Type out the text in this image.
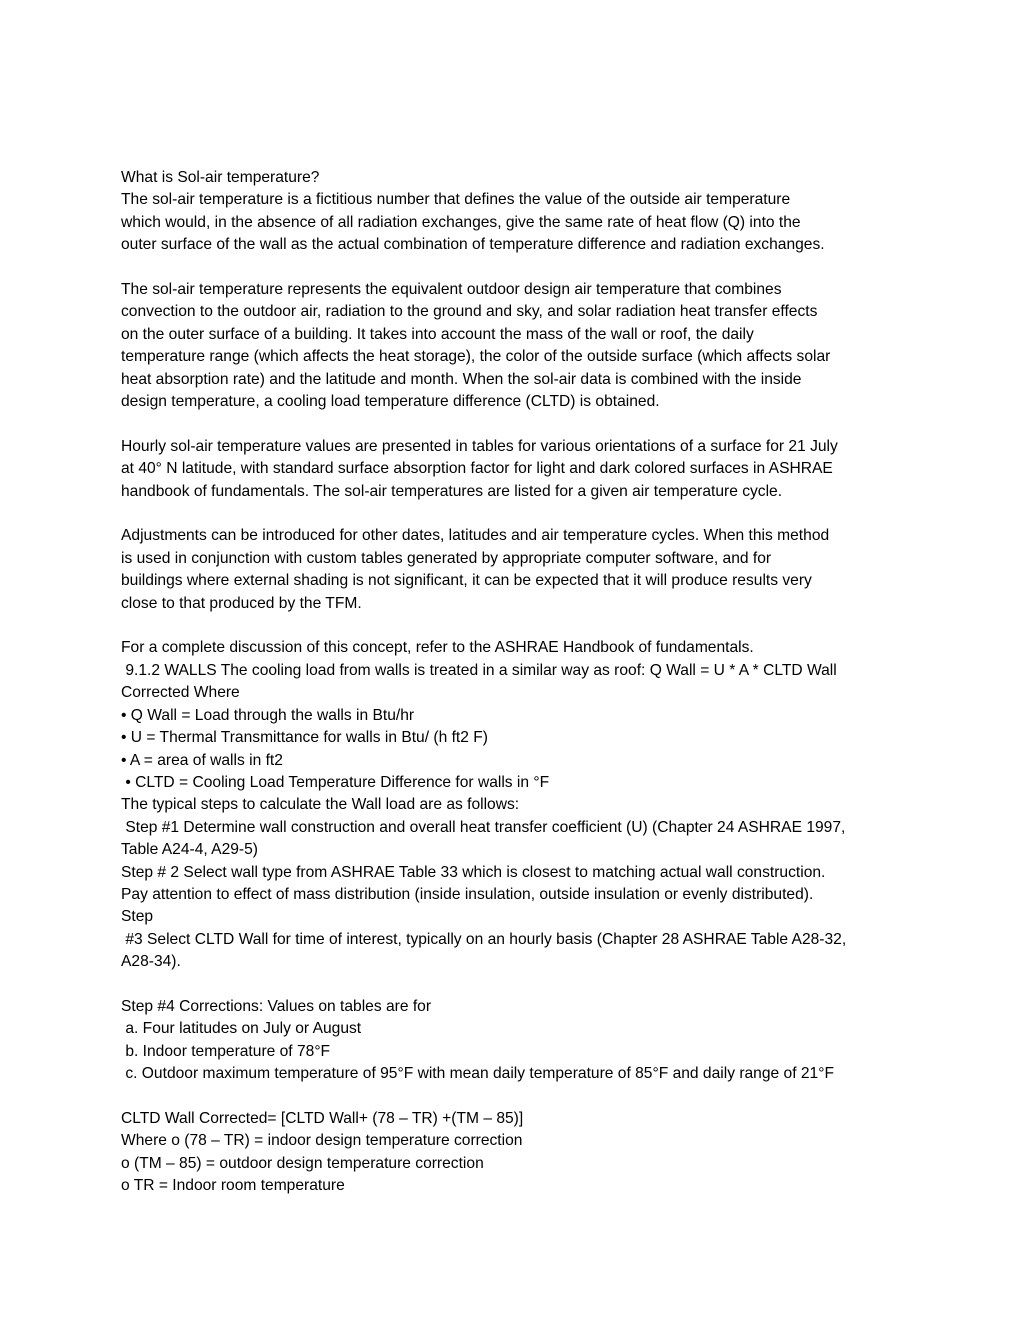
What is Sol-air temperature?

The sol-air temperature is a fictitious number that defines the value of the outside air temperature

which would, in the absence of all radiation exchanges, give the same rate of heat flow (Q) into the

outer surface of the wall as the actual combination of temperature difference and radiation exchanges.

The sol-air temperature represents the equivalent outdoor design air temperature that combines

convection to the outdoor air, radiation to the ground and sky, and solar radiation heat transfer effects

on the outer surface of a building. It takes into account the mass of the wall or roof, the daily

temperature range (which affects the heat storage), the color of the outside surface (which affects solar

heat absorption rate) and the latitude and month. When the sol-air data is combined with the inside

design temperature, a cooling load temperature difference (CLTD) is obtained.

Hourly sol-air temperature values are presented in tables for various orientations of a surface for 21 July

at 40° N latitude, with standard surface absorption factor for light and dark colored surfaces in ASHRAE

handbook of fundamentals. The sol-air temperatures are listed for a given air temperature cycle.

Adjustments can be introduced for other dates, latitudes and air temperature cycles. When this method

is used in conjunction with custom tables generated by appropriate computer software, and for

buildings where external shading is not significant, it can be expected that it will produce results very

close to that produced by the TFM.

For a complete discussion of this concept, refer to the ASHRAE Handbook of fundamentals.

9.1.2 WALLS The cooling load from walls is treated in a similar way as roof: Q Wall = U * A * CLTD Wall

Corrected Where

• Q Wall = Load through the walls in Btu/hr

• U = Thermal Transmittance for walls in Btu/ (h ft2 F)

• A = area of walls in ft2

• CLTD = Cooling Load Temperature Difference for walls in °F

The typical steps to calculate the Wall load are as follows:

Step #1 Determine wall construction and overall heat transfer coefficient (U) (Chapter 24 ASHRAE 1997,

Table A24-4, A29-5)

Step # 2 Select wall type from ASHRAE Table 33 which is closest to matching actual wall construction.

Pay attention to effect of mass distribution (inside insulation, outside insulation or evenly distributed).

Step

#3 Select CLTD Wall for time of interest, typically on an hourly basis (Chapter 28 ASHRAE Table A28-32,

A28-34).

Step #4 Corrections: Values on tables are for

a. Four latitudes on July or August

b. Indoor temperature of 78°F

c. Outdoor maximum temperature of 95°F with mean daily temperature of 85°F and daily range of 21°F

CLTD Wall Corrected= [CLTD Wall+ (78 – TR) +(TM – 85)]

Where o (78 – TR) = indoor design temperature correction

o (TM – 85) = outdoor design temperature correction

o TR = Indoor room temperature
